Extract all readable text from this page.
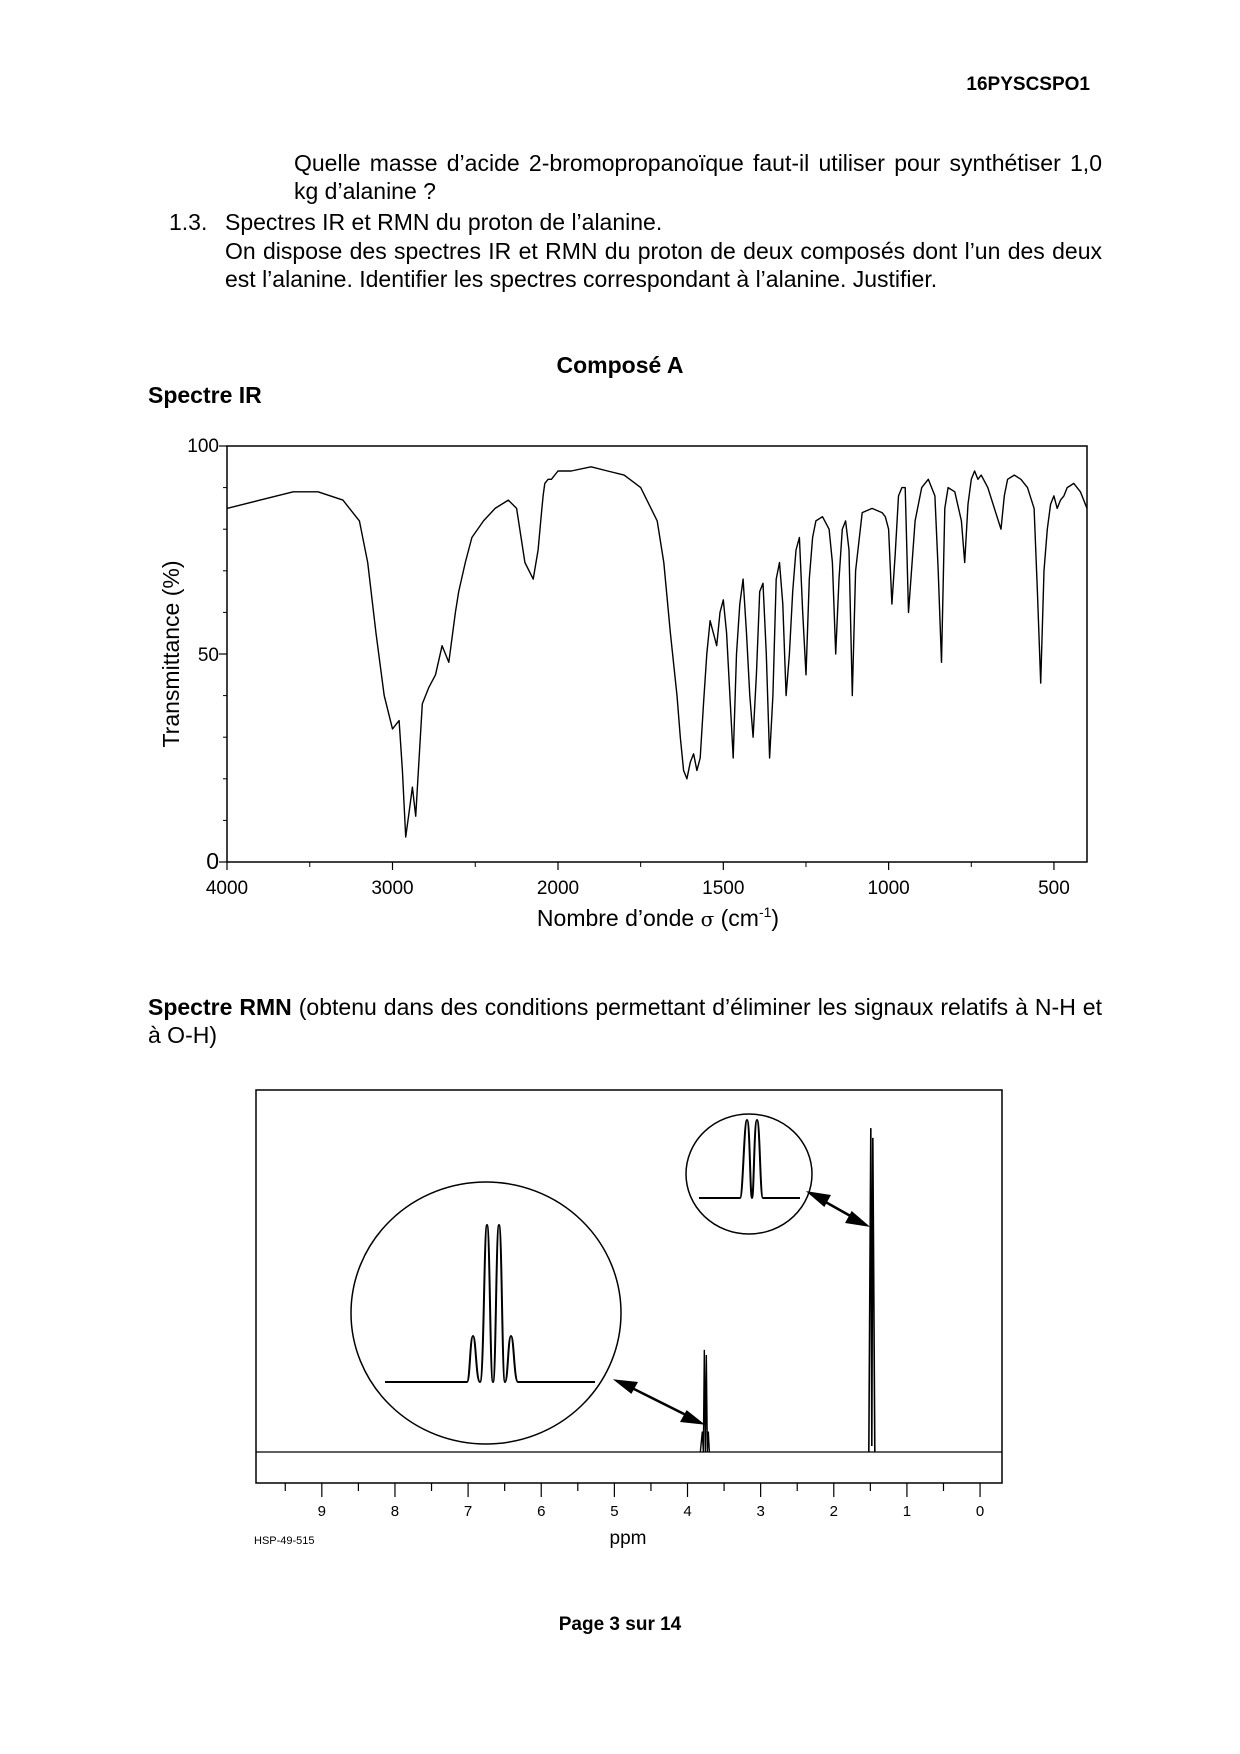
16PYSCSPO1
Quelle masse d’acide 2-bromopropanoïque faut-il utiliser pour synthétiser 1,0 kg d’alanine ?
1.3. Spectres IR et RMN du proton de l’alanine.
On dispose des spectres IR et RMN du proton de deux composés dont l’un des deux est l’alanine. Identifier les spectres correspondant à l’alanine. Justifier.
Composé A
Spectre IR
4000	3000	2000	1500	1000	500
100
50
0
Transmittance (%)
Nombre d’onde σ $(cm^{-1})$
Spectre RMN (obtenu dans des conditions permettant d’éliminer les signaux relatifs à N-H et à O-H)
9	8	7	6	5	4	3	2	1	0
ppm
HSP-49-515
Page 3 sur 14
